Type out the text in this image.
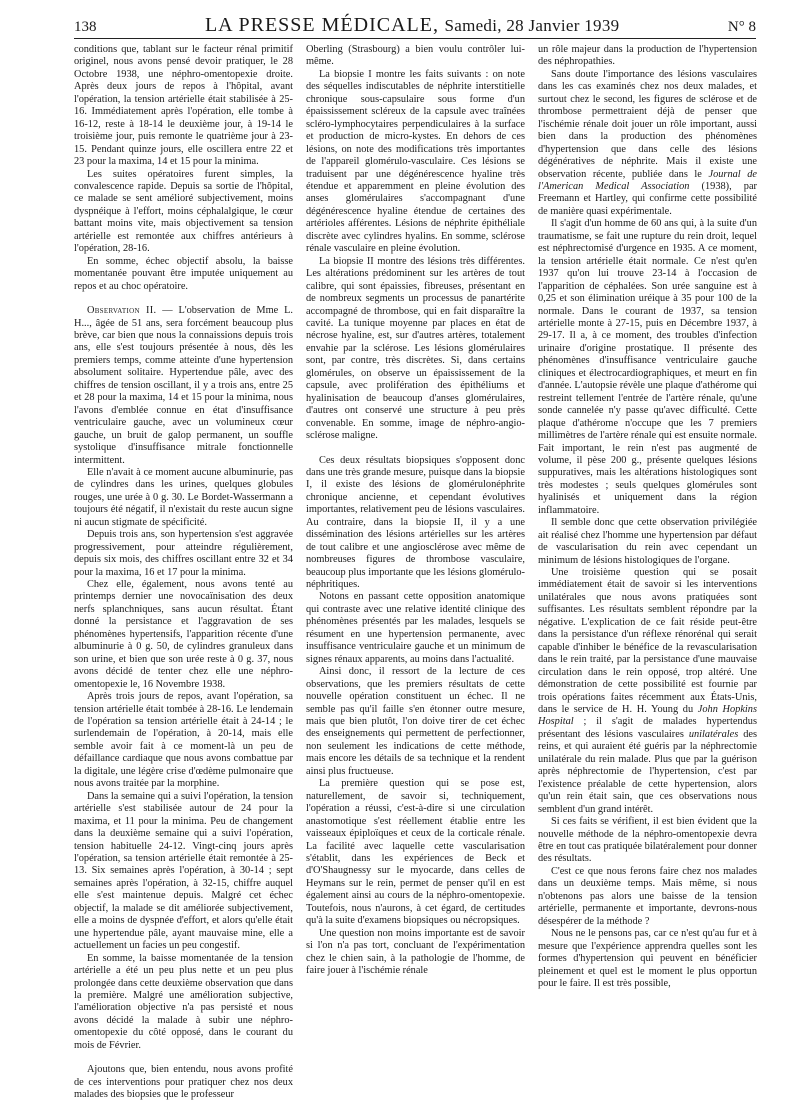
138	LA PRESSE MÉDICALE, Samedi, 28 Janvier 1939	N° 8

conditions que, tablant sur le facteur rénal primitif originel, nous avons pensé devoir pratiquer, le 28 Octobre 1938, une néphro-omentopexie droite. Après deux jours de repos à l'hôpital, avant l'opération, la tension artérielle était stabilisée à 25-16. Immédiatement après l'opération, elle tombe à 16-12, reste à 18-14 le deuxième jour, à 19-14 le troisième jour, puis remonte le quatrième jour à 23-15. Pendant quinze jours, elle oscillera entre 22 et 23 pour la maxima, 14 et 15 pour la minima.

Les suites opératoires furent simples, la convalescence rapide. Depuis sa sortie de l'hôpital, ce malade se sent amélioré subjectivement, moins dyspnéique à l'effort, moins céphalalgique, le cœur battant moins vite, mais objectivement sa tension artérielle est remontée aux chiffres antérieurs à l'opération, 28-16.

En somme, échec objectif absolu, la baisse momentanée pouvant être imputée uniquement au repos et au choc opératoire.

Observation II. — L'observation de Mme L. H..., âgée de 51 ans, sera forcément beaucoup plus brève, car bien que nous la connaissions depuis trois ans, elle s'est toujours présentée à nous, dès les premiers temps, comme atteinte d'une hypertension absolument solitaire. Hypertendue pâle, avec des chiffres de tension oscillant, il y a trois ans, entre 25 et 28 pour la maxima, 14 et 15 pour la minima, nous l'avons d'emblée connue en état d'insuffisance ventriculaire gauche, avec un volumineux cœur gauche, un bruit de galop permanent, un souffle systolique d'insuffisance mitrale fonctionnelle intermittent.

Elle n'avait à ce moment aucune albuminurie, pas de cylindres dans les urines, quelques globules rouges, une urée à 0 g. 30. Le Bordet-Wassermann a toujours été négatif, il n'existait du reste aucun signe ni aucun stigmate de spécificité.

Depuis trois ans, son hypertension s'est aggravée progressivement, pour atteindre régulièrement, depuis six mois, des chiffres oscillant entre 32 et 34 pour la maxima, 16 et 17 pour la minima.

Chez elle, également, nous avons tenté au printemps dernier une novocaïnisation des deux nerfs splanchniques, sans aucun résultat. Étant donné la persistance et l'aggravation de ses phénomènes hypertensifs, l'apparition récente d'une albuminurie à 0 g. 50, de cylindres granuleux dans son urine, et bien que son urée reste à 0 g. 37, nous avons décidé de tenter chez elle une néphro-omentopexie le, 16 Novembre 1938.

Après trois jours de repos, avant l'opération, sa tension artérielle était tombée à 28-16. Le lendemain de l'opération sa tension artérielle était à 24-14 ; le surlendemain de l'opération, à 20-14, mais elle semble avoir fait à ce moment-là un peu de défaillance cardiaque que nous avons combattue par la digitale, une légère crise d'œdème pulmonaire que nous avons traitée par la morphine.

Dans la semaine qui a suivi l'opération, la tension artérielle s'est stabilisée autour de 24 pour la maxima, et 11 pour la minima. Peu de changement dans la deuxième semaine qui a suivi l'opération, tension habituelle 24-12. Vingt-cinq jours après l'opération, sa tension artérielle était remontée à 25-13. Six semaines après l'opération, à 30-14 ; sept semaines après l'opération, à 32-15, chiffre auquel elle s'est maintenue depuis. Malgré cet échec objectif, la malade se dit améliorée subjectivement, elle a moins de dyspnée d'effort, et alors qu'elle était une hypertendue pâle, ayant mauvaise mine, elle a actuellement un facies un peu congestif.

En somme, la baisse momentanée de la tension artérielle a été un peu plus nette et un peu plus prolongée dans cette deuxième observation que dans la première. Malgré une amélioration subjective, l'amélioration objective n'a pas persisté et nous avons décidé la malade à subir une néphro-omentopexie du côté opposé, dans le courant du mois de Février.

Ajoutons que, bien entendu, nous avons profité de ces interventions pour pratiquer chez nos deux malades des biopsies que le professeur

Oberling (Strasbourg) a bien voulu contrôler lui-même.

La biopsie I montre les faits suivants : on note des séquelles indiscutables de néphrite interstitielle chronique sous-capsulaire sous forme d'un épaississement scléreux de la capsule avec traînées scléro-lymphocytaires perpendiculaires à la surface et production de micro-kystes. En dehors de ces lésions, on note des modifications très importantes de l'appareil glomérulo-vasculaire. Ces lésions se traduisent par une dégénérescence hyaline très étendue et apparemment en pleine évolution des anses glomérulaires s'accompagnant d'une dégénérescence hyaline étendue de certaines des artérioles afférentes. Lésions de néphrite épithéliale discrète avec cylindres hyalins. En somme, sclérose rénale vasculaire en pleine évolution.

La biopsie II montre des lésions très différentes. Les altérations prédominent sur les artères de tout calibre, qui sont épaissies, fibreuses, présentant en de nombreux segments un processus de panartérite accompagné de thrombose, qui en fait disparaître la cavité. La tunique moyenne par places en état de nécrose hyaline, est, sur d'autres artères, totalement envahie par la sclérose. Les lésions glomérulaires sont, par contre, très discrètes. Si, dans certains glomérules, on observe un épaississement de la capsule, avec prolifération des épithéliums et hyalinisation de beaucoup d'anses glomérulaires, d'autres ont conservé une structure à peu près convenable. En somme, image de néphro-angio-sclérose maligne.

Ces deux résultats biopsiques s'opposent donc dans une très grande mesure, puisque dans la biopsie I, il existe des lésions de glomérulonéphrite chronique ancienne, et cependant évolutives importantes, relativement peu de lésions vasculaires. Au contraire, dans la biopsie II, il y a une dissémination des lésions artérielles sur les artères de tout calibre et une angiosclérose avec même de nombreuses figures de thrombose vasculaire, beaucoup plus importante que les lésions glomérulo-néphritiques.

Notons en passant cette opposition anatomique qui contraste avec une relative identité clinique des phénomènes présentés par les malades, lesquels se résument en une hypertension permanente, avec insuffisance ventriculaire gauche et un minimum de signes rénaux apparents, au moins dans l'actualité.

Ainsi donc, il ressort de la lecture de ces observations, que les premiers résultats de cette nouvelle opération constituent un échec. Il ne semble pas qu'il faille s'en étonner outre mesure, mais que bien plutôt, l'on doive tirer de cet échec des enseignements qui permettent de perfectionner, non seulement les indications de cette méthode, mais encore les détails de sa technique et la rendent ainsi plus fructueuse.

La première question qui se pose est, naturellement, de savoir si, techniquement, l'opération a réussi, c'est-à-dire si une circulation anastomotique s'est réellement établie entre les vaisseaux épiploïques et ceux de la corticale rénale. La facilité avec laquelle cette vascularisation s'établit, dans les expériences de Beck et d'O'Shaugnessy sur le myocarde, dans celles de Heymans sur le rein, permet de penser qu'il en est également ainsi au cours de la néphro-omentopexie. Toutefois, nous n'aurons, à cet égard, de certitudes qu'à la suite d'examens biopsiques ou nécropsiques.

Une question non moins importante est de savoir si l'on n'a pas tort, concluant de l'expérimentation chez le chien sain, à la pathologie de l'homme, de faire jouer à l'ischémie rénale

un rôle majeur dans la production de l'hypertension des néphropathies.

Sans doute l'importance des lésions vasculaires dans les cas examinés chez nos deux malades, et surtout chez le second, les figures de sclérose et de thrombose permettraient déjà de penser que l'ischémie rénale doit jouer un rôle important, aussi bien dans la production des phénomènes d'hypertension que dans celle des lésions dégénératives de néphrite. Mais il existe une observation récente, publiée dans le Journal de l'American Medical Association (1938), par Freemann et Hartley, qui confirme cette possibilité de manière quasi expérimentale.

Il s'agit d'un homme de 60 ans qui, à la suite d'un traumatisme, se fait une rupture du rein droit, lequel est néphrectomisé d'urgence en 1935. A ce moment, la tension artérielle était normale. Ce n'est qu'en 1937 qu'on lui trouve 23-14 à l'occasion de l'apparition de céphalées. Son urée sanguine est à 0,25 et son élimination uréique à 35 pour 100 de la normale. Dans le courant de 1937, sa tension artérielle monte à 27-15, puis en Décembre 1937, à 29-17. Il a, à ce moment, des troubles d'infection urinaire d'origine prostatique. Il présente des phénomènes d'insuffisance ventriculaire gauche cliniques et électrocardiographiques, et meurt en fin d'année. L'autopsie révèle une plaque d'athérome qui restreint tellement l'entrée de l'artère rénale, qu'une sonde cannelée n'y passe qu'avec difficulté. Cette plaque d'athérome n'occupe que les 7 premiers millimètres de l'artère rénale qui est ensuite normale. Fait important, le rein n'est pas augmenté de volume, il pèse 200 g., présente quelques lésions suppuratives, mais les altérations histologiques sont très modestes ; seuls quelques glomérules sont hyalinisés et uniquement dans la région inflammatoire.

Il semble donc que cette observation privilégiée ait réalisé chez l'homme une hypertension par défaut de vascularisation du rein avec cependant un minimum de lésions histologiques de l'organe.

Une troisième question qui se posait immédiatement était de savoir si les interventions unilatérales que nous avons pratiquées sont suffisantes. Les résultats semblent répondre par la négative. L'explication de ce fait réside peut-être dans la persistance d'un réflexe rénorénal qui serait capable d'inhiber le bénéfice de la revascularisation dans le rein traité, par la persistance d'une mauvaise circulation dans le rein opposé, trop altéré. Une démonstration de cette possibilité est fournie par trois opérations faites récemment aux États-Unis, dans le service de H. H. Young du John Hopkins Hospital ; il s'agit de malades hypertendus présentant des lésions vasculaires unilatérales des reins, et qui auraient été guéris par la néphrectomie unilatérale du rein malade. Plus que par la guérison après néphrectomie de l'hypertension, c'est par l'existence préalable de cette hypertension, alors qu'un rein était sain, que ces observations nous semblent d'un grand intérêt.

Si ces faits se vérifient, il est bien évident que la nouvelle méthode de la néphro-omentopexie devra être en tout cas pratiquée bilatéralement pour donner des résultats.

C'est ce que nous ferons faire chez nos malades dans un deuxième temps. Mais même, si nous n'obtenons pas alors une baisse de la tension artérielle, permanente et importante, devrons-nous désespérer de la méthode ?

Nous ne le pensons pas, car ce n'est qu'au fur et à mesure que l'expérience apprendra quelles sont les formes d'hypertension qui peuvent en bénéficier pleinement et quel est le moment le plus opportun pour le faire. Il est très possible,
